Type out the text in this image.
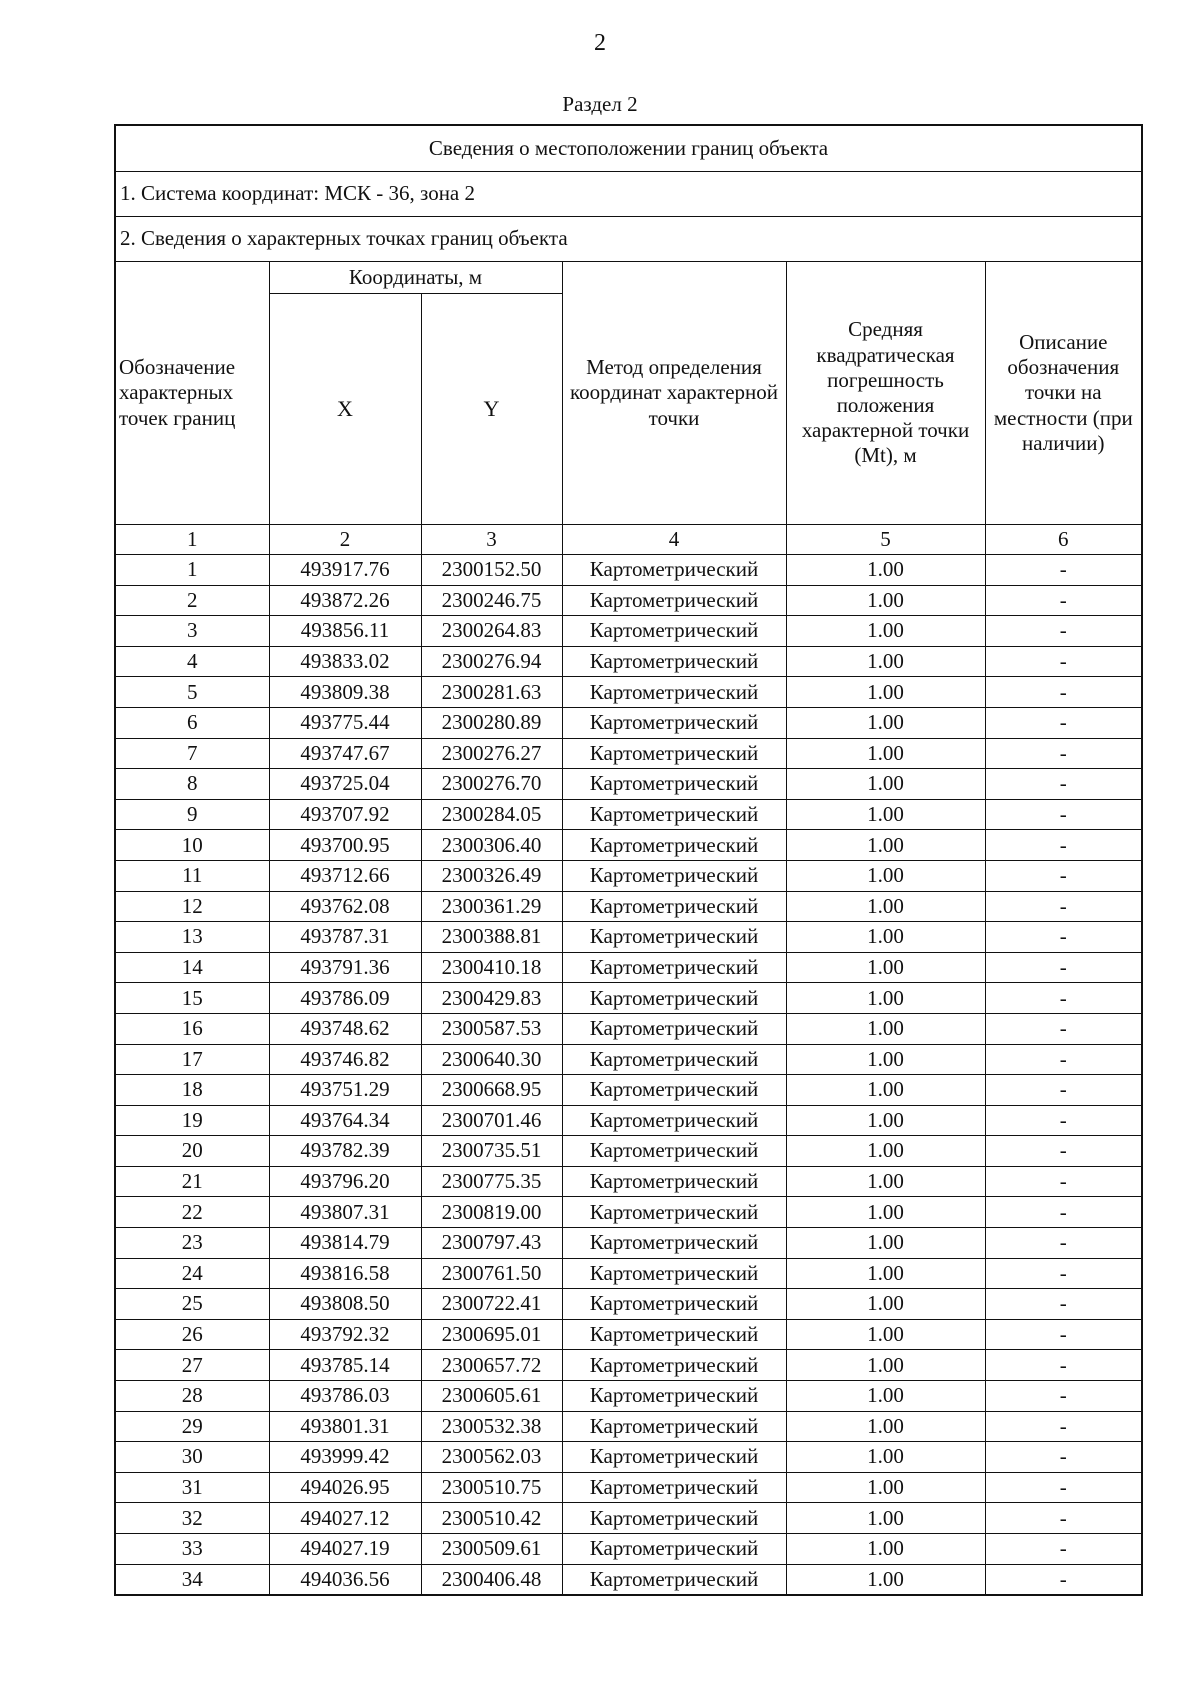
2
Раздел 2
Сведения о местоположении границ объекта					
1. Система координат: МСК - 36, зона 2					
2. Сведения о характерных точках границ объекта					
Обозначение характерных точек границ	Координаты, м		Метод определения координат характерной точки	Средняя квадратическая погрешность положения характерной точки (Mt), м	Описание обозначения точки на местности (при наличии)
	X	Y			
1	2	3	4	5	6
1	493917.76	2300152.50	Картометрический	1.00	-
2	493872.26	2300246.75	Картометрический	1.00	-
3	493856.11	2300264.83	Картометрический	1.00	-
4	493833.02	2300276.94	Картометрический	1.00	-
5	493809.38	2300281.63	Картометрический	1.00	-
6	493775.44	2300280.89	Картометрический	1.00	-
7	493747.67	2300276.27	Картометрический	1.00	-
8	493725.04	2300276.70	Картометрический	1.00	-
9	493707.92	2300284.05	Картометрический	1.00	-
10	493700.95	2300306.40	Картометрический	1.00	-
11	493712.66	2300326.49	Картометрический	1.00	-
12	493762.08	2300361.29	Картометрический	1.00	-
13	493787.31	2300388.81	Картометрический	1.00	-
14	493791.36	2300410.18	Картометрический	1.00	-
15	493786.09	2300429.83	Картометрический	1.00	-
16	493748.62	2300587.53	Картометрический	1.00	-
17	493746.82	2300640.30	Картометрический	1.00	-
18	493751.29	2300668.95	Картометрический	1.00	-
19	493764.34	2300701.46	Картометрический	1.00	-
20	493782.39	2300735.51	Картометрический	1.00	-
21	493796.20	2300775.35	Картометрический	1.00	-
22	493807.31	2300819.00	Картометрический	1.00	-
23	493814.79	2300797.43	Картометрический	1.00	-
24	493816.58	2300761.50	Картометрический	1.00	-
25	493808.50	2300722.41	Картометрический	1.00	-
26	493792.32	2300695.01	Картометрический	1.00	-
27	493785.14	2300657.72	Картометрический	1.00	-
28	493786.03	2300605.61	Картометрический	1.00	-
29	493801.31	2300532.38	Картометрический	1.00	-
30	493999.42	2300562.03	Картометрический	1.00	-
31	494026.95	2300510.75	Картометрический	1.00	-
32	494027.12	2300510.42	Картометрический	1.00	-
33	494027.19	2300509.61	Картометрический	1.00	-
34	494036.56	2300406.48	Картометрический	1.00	-
